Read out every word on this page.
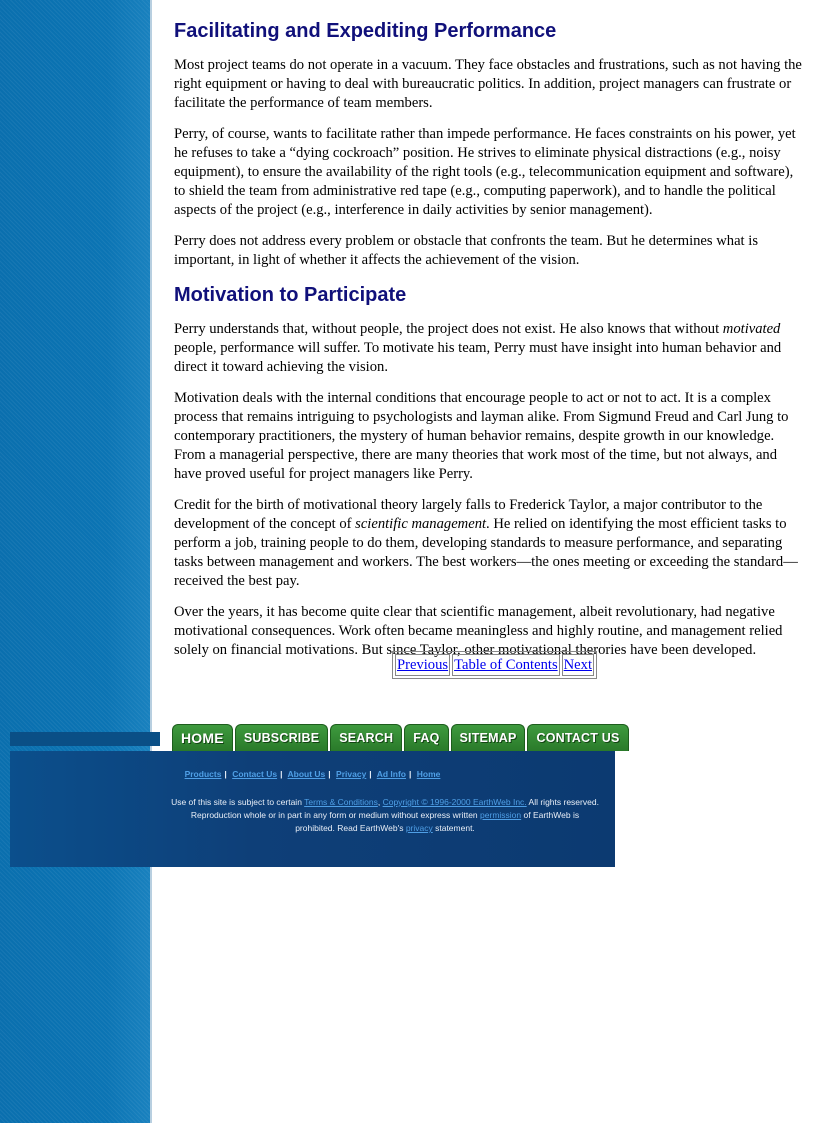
Facilitating and Expediting Performance

Most project teams do not operate in a vacuum. They face obstacles and frustrations, such as not having the right equipment or having to deal with bureaucratic politics. In addition, project managers can frustrate or facilitate the performance of team members.

Perry, of course, wants to facilitate rather than impede performance. He faces constraints on his power, yet he refuses to take a “dying cockroach” position. He strives to eliminate physical distractions (e.g., noisy equipment), to ensure the availability of the right tools (e.g., telecommunication equipment and software), to shield the team from administrative red tape (e.g., computing paperwork), and to handle the political aspects of the project (e.g., interference in daily activities by senior management).

Perry does not address every problem or obstacle that confronts the team. But he determines what is important, in light of whether it affects the achievement of the vision.

Motivation to Participate

Perry understands that, without people, the project does not exist. He also knows that without motivated people, performance will suffer. To motivate his team, Perry must have insight into human behavior and direct it toward achieving the vision.

Motivation deals with the internal conditions that encourage people to act or not to act. It is a complex process that remains intriguing to psychologists and layman alike. From Sigmund Freud and Carl Jung to contemporary practitioners, the mystery of human behavior remains, despite growth in our knowledge. From a managerial perspective, there are many theories that work most of the time, but not always, and have proved useful for project managers like Perry.

Credit for the birth of motivational theory largely falls to Frederick Taylor, a major contributor to the development of the concept of scientific management. He relied on identifying the most efficient tasks to perform a job, training people to do them, developing standards to measure performance, and separating tasks between management and workers. The best workers—the ones meeting or exceeding the standard—received the best pay.

Over the years, it has become quite clear that scientific management, albeit revolutionary, had negative motivational consequences. Work often became meaningless and highly routine, and management relied solely on financial motivations. But since Taylor, other motivational therories have been developed.

Previous	Table of Contents	Next
HOME	SUBSCRIBE	SEARCH	FAQ	SITEMAP	CONTACT US
Products | Contact Us | About Us | Privacy | Ad Info | Home
Use of this site is subject to certain Terms & Conditions, Copyright © 1996-2000 EarthWeb Inc. All rights reserved. Reproduction whole or in part in any form or medium without express written permission of EarthWeb is prohibited. Read EarthWeb's privacy statement.
